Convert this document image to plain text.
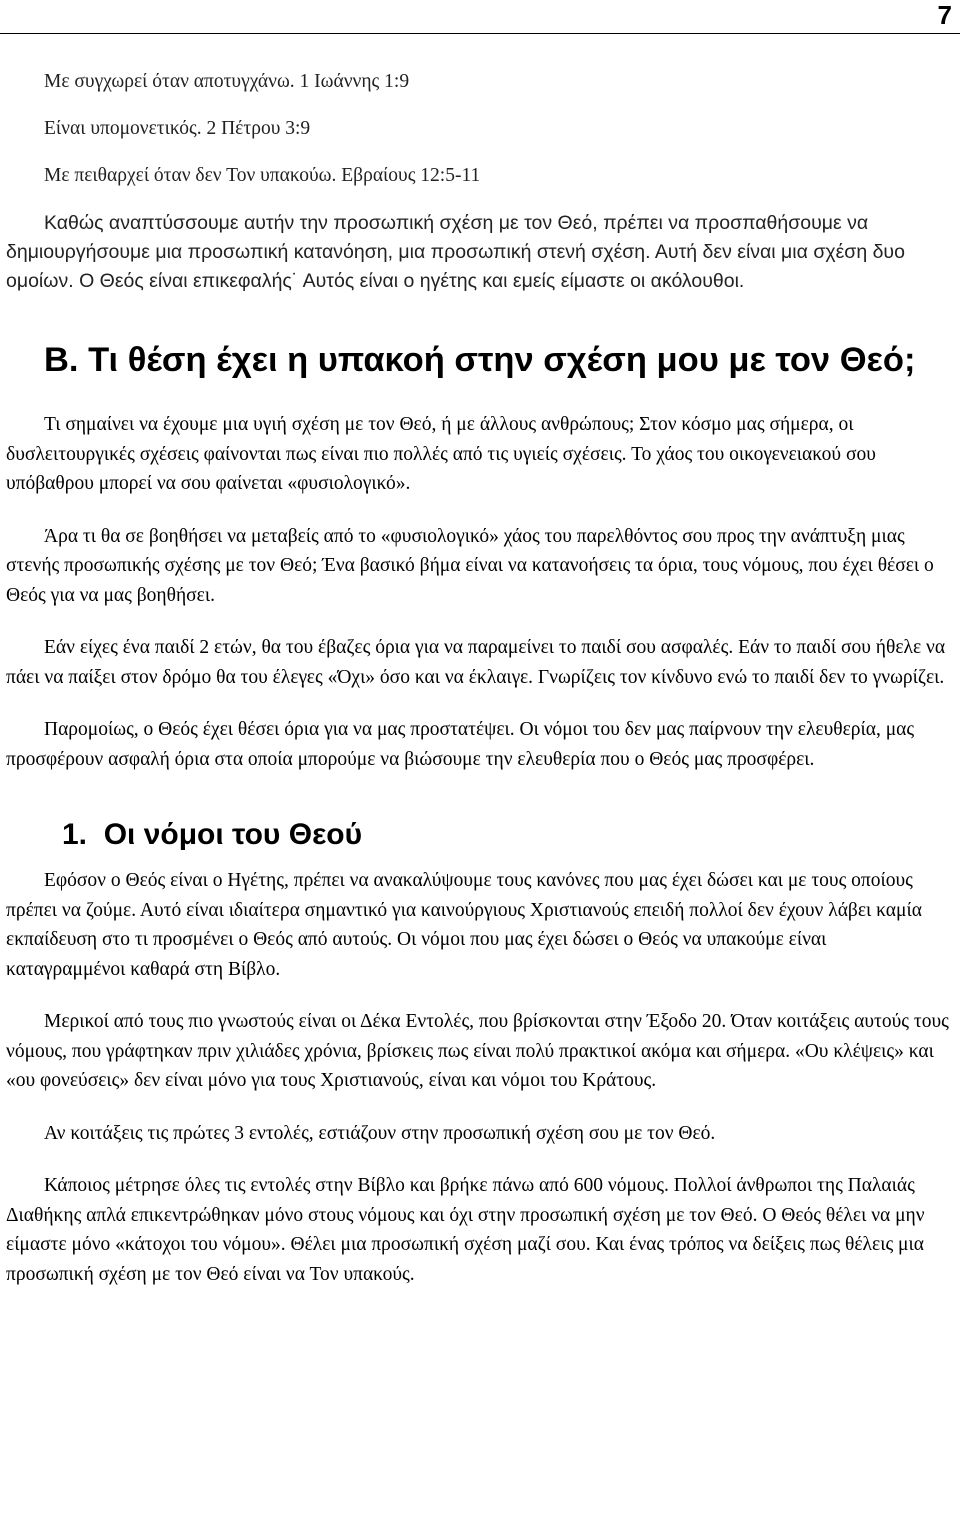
7

Με συγχωρεί όταν αποτυγχάνω. 1 Ιωάννης 1:9

Είναι υπομονετικός. 2 Πέτρου 3:9

Με πειθαρχεί όταν δεν Τον υπακούω. Εβραίους 12:5-11

Καθώς αναπτύσσουμε αυτήν την προσωπική σχέση με τον Θεό, πρέπει να προσπαθήσουμε να δημιουργήσουμε μια προσωπική κατανόηση, μια προσωπική στενή σχέση. Αυτή δεν είναι μια σχέση δυο ομοίων. Ο Θεός είναι επικεφαλής˙ Αυτός είναι ο ηγέτης και εμείς είμαστε οι ακόλουθοι.

B. Τι θέση έχει η υπακοή στην σχέση μου με τον Θεό;

Τι σημαίνει να έχουμε μια υγιή σχέση με τον Θεό, ή με άλλους ανθρώπους; Στον κόσμο μας σήμερα, οι δυσλειτουργικές σχέσεις φαίνονται πως είναι πιο πολλές από τις υγιείς σχέσεις. Το χάος του οικογενειακού σου υπόβαθρου μπορεί να σου φαίνεται «φυσιολογικό».

Άρα τι θα σε βοηθήσει να μεταβείς από το «φυσιολογικό» χάος του παρελθόντος σου προς την ανάπτυξη μιας στενής προσωπικής σχέσης με τον Θεό; Ένα βασικό βήμα είναι να κατανοήσεις τα όρια, τους νόμους, που έχει θέσει ο Θεός για να μας βοηθήσει.

Εάν είχες ένα παιδί 2 ετών, θα του έβαζες όρια για να παραμείνει το παιδί σου ασφαλές. Εάν το παιδί σου ήθελε να πάει να παίξει στον δρόμο θα του έλεγες «Όχι» όσο και να έκλαιγε. Γνωρίζεις τον κίνδυνο ενώ το παιδί δεν το γνωρίζει.

Παρομοίως, ο Θεός έχει θέσει όρια για να μας προστατέψει. Οι νόμοι του δεν μας παίρνουν την ελευθερία, μας προσφέρουν ασφαλή όρια στα οποία μπορούμε να βιώσουμε την ελευθερία που ο Θεός μας προσφέρει.

1.  Οι νόμοι του Θεού

Εφόσον ο Θεός είναι ο Ηγέτης, πρέπει να ανακαλύψουμε τους κανόνες που μας έχει δώσει και με τους οποίους πρέπει να ζούμε. Αυτό είναι ιδιαίτερα σημαντικό για καινούργιους Χριστιανούς επειδή πολλοί δεν έχουν λάβει καμία εκπαίδευση στο τι προσμένει ο Θεός από αυτούς. Οι νόμοι που μας έχει δώσει ο Θεός να υπακούμε είναι καταγραμμένοι καθαρά στη Βίβλο.

Μερικοί από τους πιο γνωστούς είναι οι Δέκα Εντολές, που βρίσκονται στην Έξοδο 20. Όταν κοιτάξεις αυτούς τους νόμους, που γράφτηκαν πριν χιλιάδες χρόνια, βρίσκεις πως είναι πολύ πρακτικοί ακόμα και σήμερα. «Ου κλέψεις» και «ου φονεύσεις» δεν είναι μόνο για τους Χριστιανούς, είναι και νόμοι του Κράτους.

Αν κοιτάξεις τις πρώτες 3 εντολές, εστιάζουν στην προσωπική σχέση σου με τον Θεό.

Κάποιος μέτρησε όλες τις εντολές στην Βίβλο και βρήκε πάνω από 600 νόμους. Πολλοί άνθρωποι της Παλαιάς Διαθήκης απλά επικεντρώθηκαν μόνο στους νόμους και όχι στην προσωπική σχέση με τον Θεό. Ο Θεός θέλει να μην είμαστε μόνο «κάτοχοι του νόμου». Θέλει μια προσωπική σχέση μαζί σου. Και ένας τρόπος να δείξεις πως θέλεις μια προσωπική σχέση με τον Θεό είναι να Τον υπακούς.
